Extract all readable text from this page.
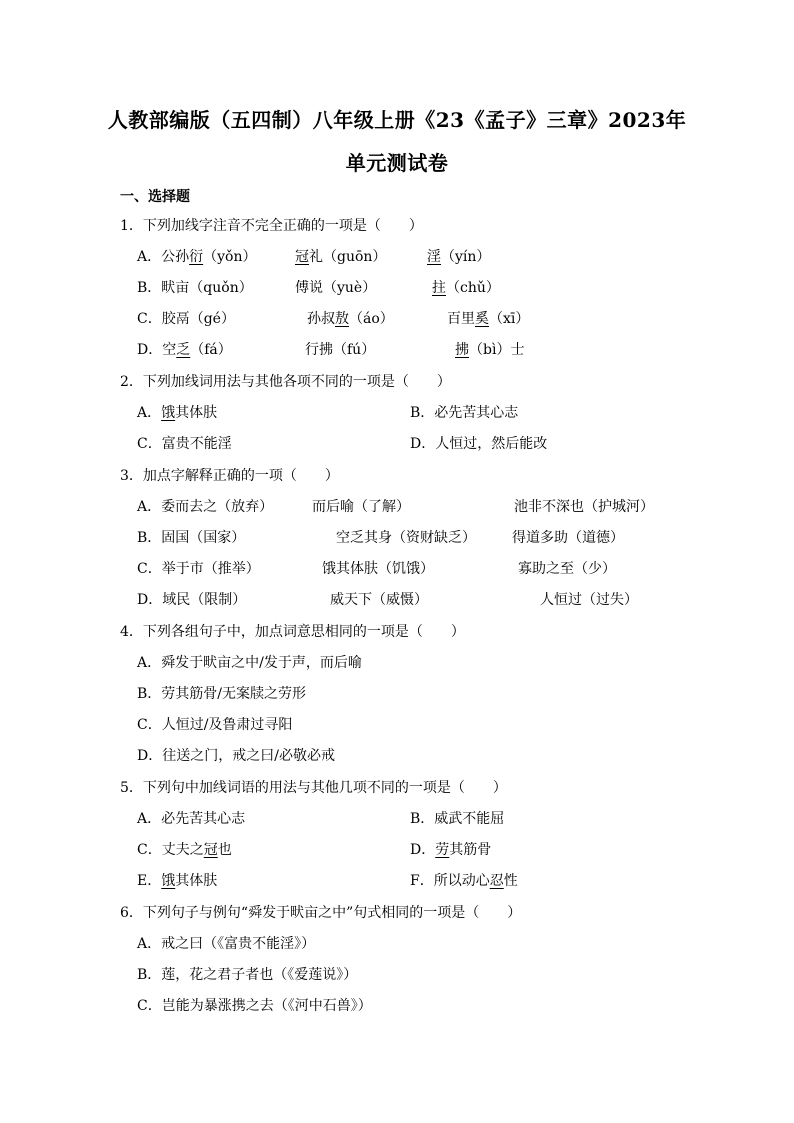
人教部编版（五四制）八年级上册《23《孟子》三章》2023年
单元测试卷
一、选择题
1．下列加线字注音不完全正确的一项是（　　）
A．公孙衍（yǒn）	冠礼（guōn）	淫（yín）
B．畎亩（quǒn）	傅说（yuè）	拄（chǔ）
C．胶鬲（gé）	孙叔敖（áo）	百里奚（xī）
D．空乏（fá）	行拂（fú）	拂（bì）士
2．下列加线词用法与其他各项不同的一项是（　　）
A．饿其体肤	B．必先苦其心志
C．富贵不能淫	D．人恒过，然后能改
3．加点字解释正确的一项（　　）
A．委而去之（放弃）	而后喻（了解）	池非不深也（护城河）
B．固国（国家）	空乏其身（资财缺乏）	得道多助（道德）
C．举于市（推举）	饿其体肤（饥饿）	寡助之至（少）
D．域民（限制）	威天下（威慑）	人恒过（过失）
4．下列各组句子中，加点词意思相同的一项是（　　）
A．舜发于畎亩之中/发于声，而后喻
B．劳其筋骨/无案牍之劳形
C．人恒过/及鲁肃过寻阳
D．往送之门，戒之曰/必敬必戒
5．下列句中加线词语的用法与其他几项不同的一项是（　　）
A．必先苦其心志	B．威武不能屈
C．丈夫之冠也	D．劳其筋骨
E．饿其体肤	F．所以动心忍性
6．下列句子与例句“舜发于畎亩之中”句式相同的一项是（　　）
A．戒之曰（《富贵不能淫》）
B．莲，花之君子者也（《爱莲说》）
C．岂能为暴涨携之去（《河中石兽》）
